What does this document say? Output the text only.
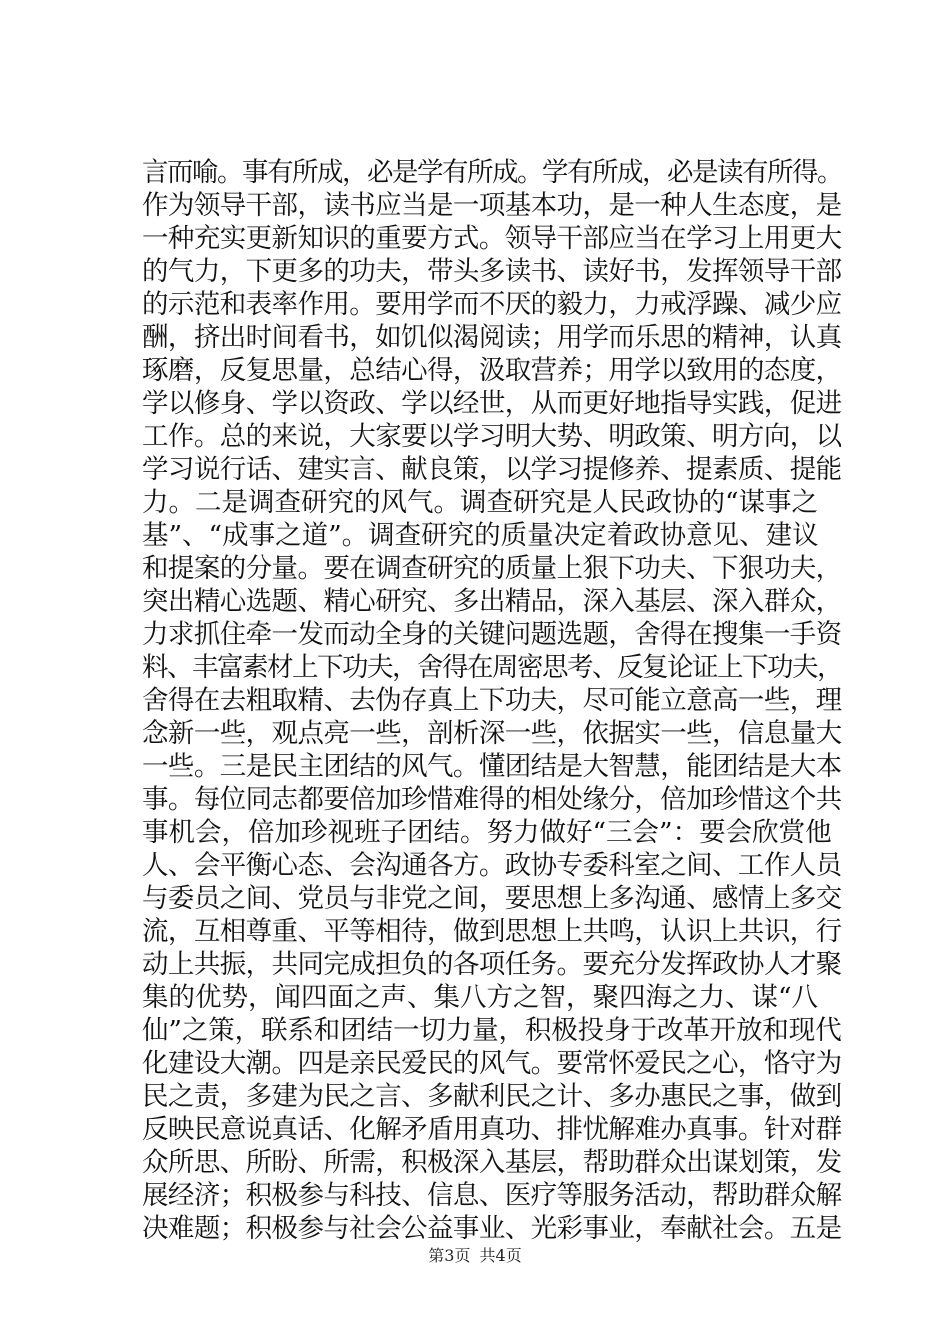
言而喻。事有所成，必是学有所成。学有所成，必是读有所得。
作为领导干部，读书应当是一项基本功，是一种人生态度，是
一种充实更新知识的重要方式。领导干部应当在学习上用更大
的气力，下更多的功夫，带头多读书、读好书，发挥领导干部
的示范和表率作用。要用学而不厌的毅力，力戒浮躁、减少应
酬，挤出时间看书，如饥似渴阅读；用学而乐思的精神，认真
琢磨，反复思量，总结心得，汲取营养；用学以致用的态度，
学以修身、学以资政、学以经世，从而更好地指导实践，促进
工作。总的来说，大家要以学习明大势、明政策、明方向，以
学习说行话、建实言、献良策，以学习提修养、提素质、提能
力。二是调查研究的风气。调查研究是人民政协的“谋事之
基”、“成事之道”。调查研究的质量决定着政协意见、建议
和提案的分量。要在调查研究的质量上狠下功夫、下狠功夫，
突出精心选题、精心研究、多出精品，深入基层、深入群众，
力求抓住牵一发而动全身的关键问题选题，舍得在搜集一手资
料、丰富素材上下功夫，舍得在周密思考、反复论证上下功夫，
舍得在去粗取精、去伪存真上下功夫，尽可能立意高一些，理
念新一些，观点亮一些，剖析深一些，依据实一些，信息量大
一些。三是民主团结的风气。懂团结是大智慧，能团结是大本
事。每位同志都要倍加珍惜难得的相处缘分，倍加珍惜这个共
事机会，倍加珍视班子团结。努力做好“三会”：要会欣赏他
人、会平衡心态、会沟通各方。政协专委科室之间、工作人员
与委员之间、党员与非党之间，要思想上多沟通、感情上多交
流，互相尊重、平等相待，做到思想上共鸣，认识上共识，行
动上共振，共同完成担负的各项任务。要充分发挥政协人才聚
集的优势，闻四面之声、集八方之智，聚四海之力、谋“八
仙”之策，联系和团结一切力量，积极投身于改革开放和现代
化建设大潮。四是亲民爱民的风气。要常怀爱民之心，恪守为
民之责，多建为民之言、多献利民之计、多办惠民之事，做到
反映民意说真话、化解矛盾用真功、排忧解难办真事。针对群
众所思、所盼、所需，积极深入基层，帮助群众出谋划策，发
展经济；积极参与科技、信息、医疗等服务活动，帮助群众解
决难题；积极参与社会公益事业、光彩事业，奉献社会。五是
第3页 共4页
